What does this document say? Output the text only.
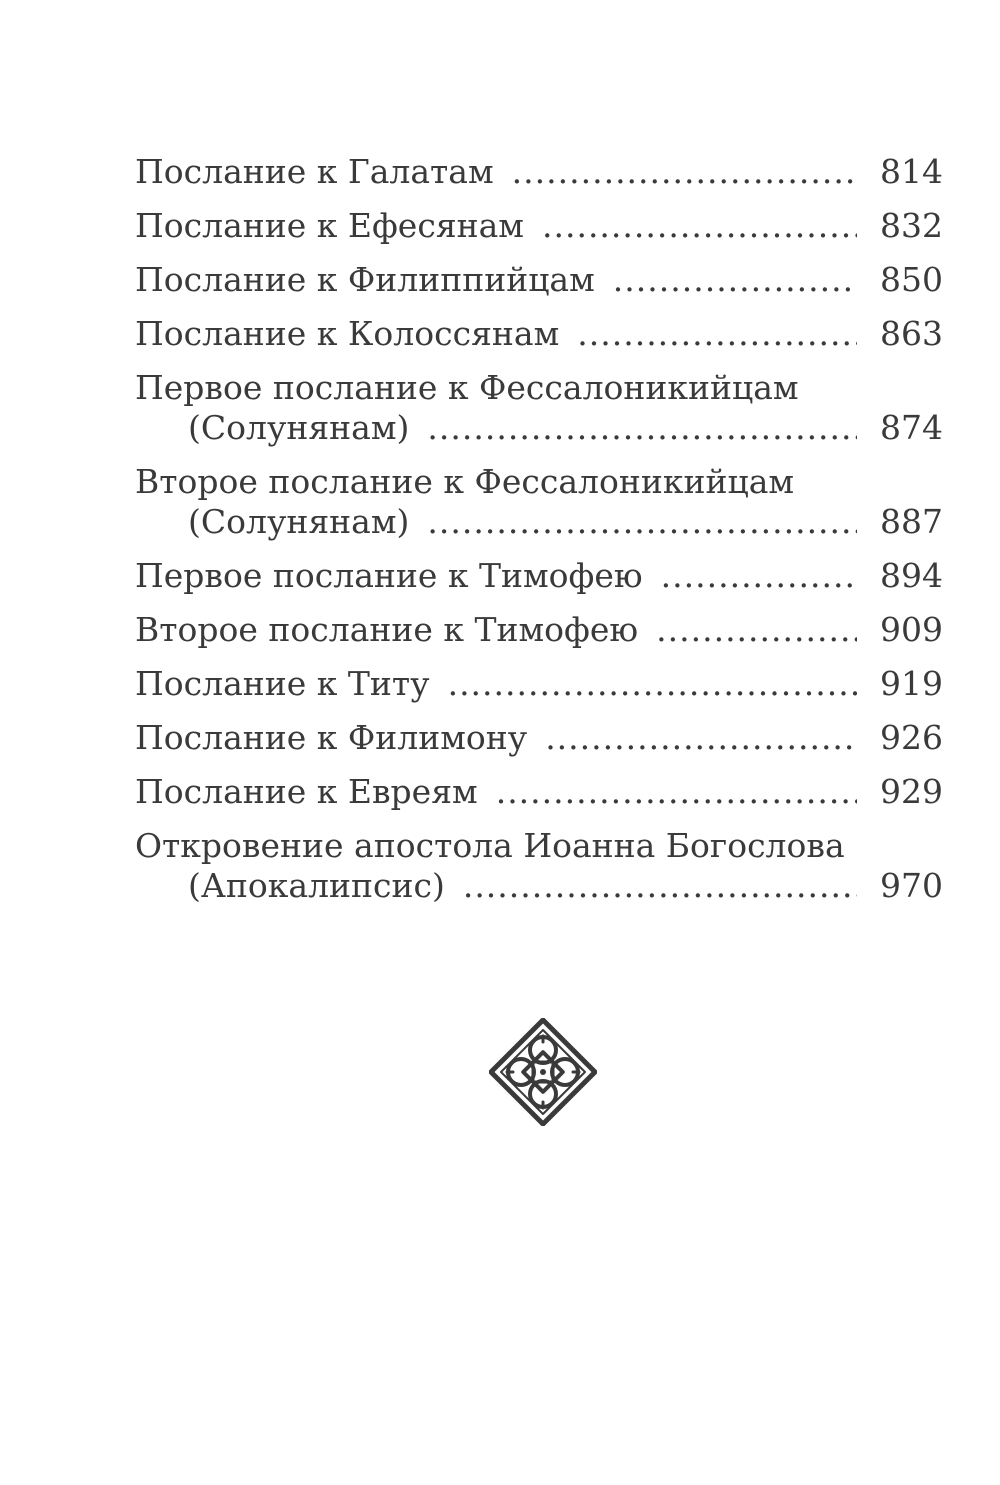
Послание к Галатам .....	814
Послание к Ефесянам .....	832
Послание к Филиппийцам .....	850
Послание к Колоссянам .....	863
Первое послание к Фессалоникийцам
(Солунянам) .....	874
Второе послание к Фессалоникийцам
(Солунянам) .....	887
Первое послание к Тимофею .....	894
Второе послание к Тимофею .....	909
Послание к Титу .....	919
Послание к Филимону .....	926
Послание к Евреям .....	929
Откровение апостола Иоанна Богослова
(Апокалипсис) .....	970
